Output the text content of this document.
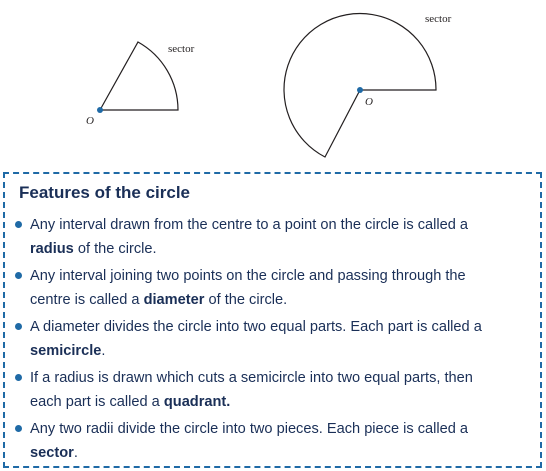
sector
O
sector
O
Features of the circle
Any interval drawn from the centre to a point on the circle is called a
radius of the circle.
Any interval joining two points on the circle and passing through the
centre is called a diameter of the circle.
A diameter divides the circle into two equal parts. Each part is called a
semicircle.
If a radius is drawn which cuts a semicircle into two equal parts, then
each part is called a quadrant.
Any two radii divide the circle into two pieces. Each piece is called a
sector.
